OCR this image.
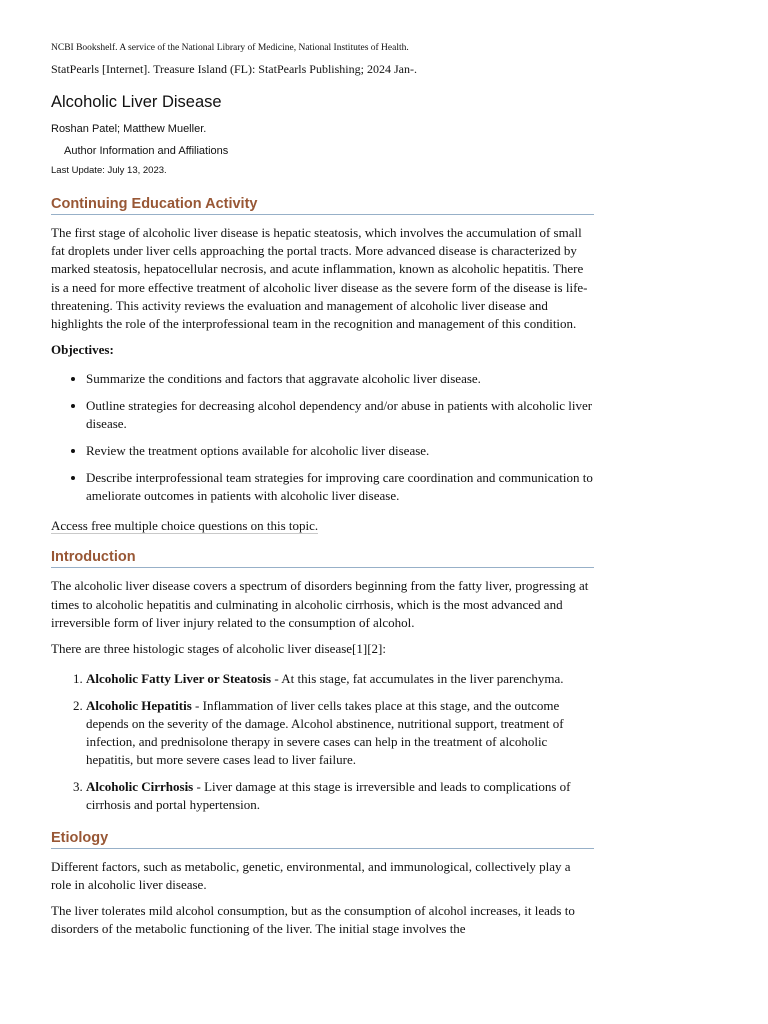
NCBI Bookshelf. A service of the National Library of Medicine, National Institutes of Health.
StatPearls [Internet]. Treasure Island (FL): StatPearls Publishing; 2024 Jan-.
Alcoholic Liver Disease
Roshan Patel; Matthew Mueller.
Author Information and Affiliations
Last Update: July 13, 2023.
Continuing Education Activity

The first stage of alcoholic liver disease is hepatic steatosis, which involves the accumulation of small fat droplets under liver cells approaching the portal tracts. More advanced disease is characterized by marked steatosis, hepatocellular necrosis, and acute inflammation, known as alcoholic hepatitis. There is a need for more effective treatment of alcoholic liver disease as the severe form of the disease is life-threatening. This activity reviews the evaluation and management of alcoholic liver disease and highlights the role of the interprofessional team in the recognition and management of this condition.

Objectives:

• Summarize the conditions and factors that aggravate alcoholic liver disease.
• Outline strategies for decreasing alcohol dependency and/or abuse in patients with alcoholic liver disease.
• Review the treatment options available for alcoholic liver disease.
• Describe interprofessional team strategies for improving care coordination and communication to ameliorate outcomes in patients with alcoholic liver disease.

Access free multiple choice questions on this topic.

Introduction

The alcoholic liver disease covers a spectrum of disorders beginning from the fatty liver, progressing at times to alcoholic hepatitis and culminating in alcoholic cirrhosis, which is the most advanced and irreversible form of liver injury related to the consumption of alcohol.

There are three histologic stages of alcoholic liver disease[1][2]:

1. Alcoholic Fatty Liver or Steatosis - At this stage, fat accumulates in the liver parenchyma.
2. Alcoholic Hepatitis - Inflammation of liver cells takes place at this stage, and the outcome depends on the severity of the damage. Alcohol abstinence, nutritional support, treatment of infection, and prednisolone therapy in severe cases can help in the treatment of alcoholic hepatitis, but more severe cases lead to liver failure.
3. Alcoholic Cirrhosis - Liver damage at this stage is irreversible and leads to complications of cirrhosis and portal hypertension.
Etiology

Different factors, such as metabolic, genetic, environmental, and immunological, collectively play a role in alcoholic liver disease.

The liver tolerates mild alcohol consumption, but as the consumption of alcohol increases, it leads to disorders of the metabolic functioning of the liver. The initial stage involves the
